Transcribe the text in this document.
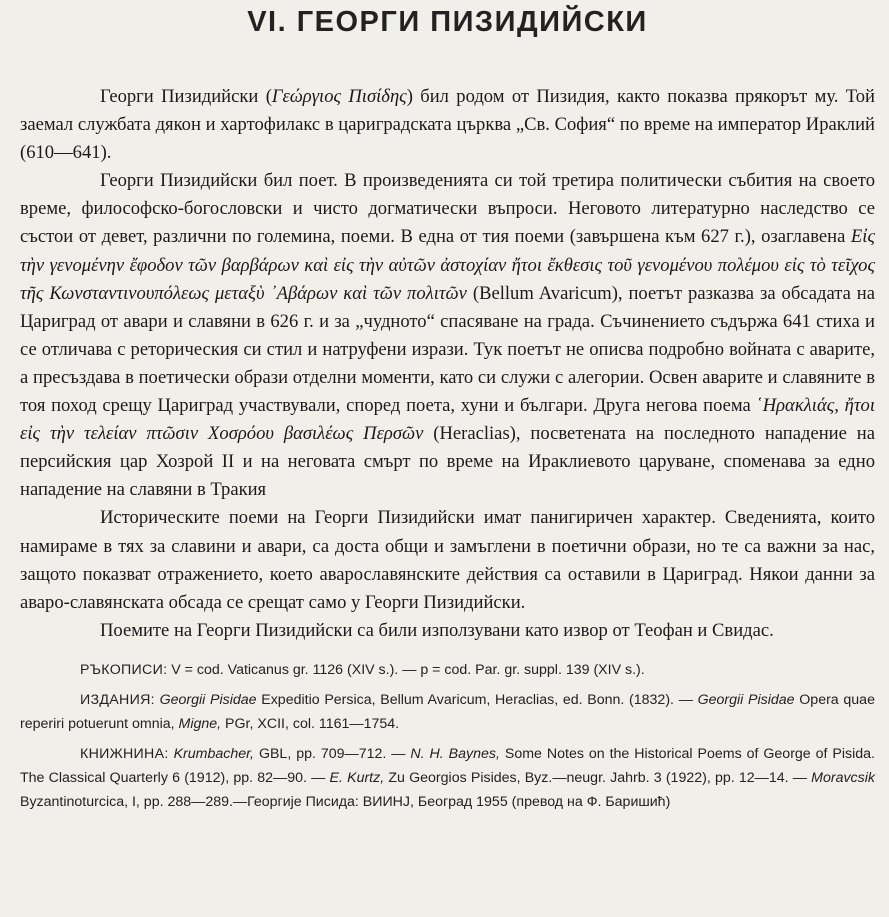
VI. ГЕОРГИ ПИЗИДИЙСКИ

Георги Пизидийски (Γεώργιος Πισίδης) бил родом от Пизидия, както показва прякорът му. Той заемал службата дякон и хартофилакс в цариградската църква „Св. София“ по време на император Ираклий (610—641).

Георги Пизидийски бил поет. В произведенията си той третира политически събития на своето време, философско-богословски и чисто догматически въпроси. Неговото литературно наследство се състои от девет, различни по големина, поеми. В една от тия поеми (завършена към 627 г.), озаглавена Εἰς τὴν γενομένην ἔφοδον τῶν βαρβάρων καὶ εἰς τὴν αὐτῶν ἀστοχίαν ἤτοι ἔκθεσις τοῦ γενομένου πολέμου εἰς τὸ τεῖχος τῆς Κωνσταντινουπόλεως μεταξὺ ᾿Αβάρων καὶ τῶν πολιτῶν (Bellum Avaricum), поетът разказва за обсадата на Цариград от авари и славяни в 626 г. и за „чудното“ спасяване на града. Съчинението съдържа 641 стиха и се отличава с реторическия си стил и натруфени изрази. Тук поетът не описва подробно войната с аварите, а пресъздава в поетически образи отделни моменти, като си служи с алегории. Освен аварите и славяните в тоя поход срещу Цариград участвували, според поета, хуни и българи. Друга негова поема ῾Ηρακλιάς, ἤτοι εἰς τὴν τελείαν πτῶσιν Χοσρόου βασιλέως Περσῶν (Heraclias), посветената на последното нападение на персийския цар Хозрой II и на неговата смърт по време на Ираклиевото царуване, споменава за едно нападение на славяни в Тракия

Историческите поеми на Георги Пизидийски имат панигиричен характер. Сведенията, които намираме в тях за славини и авари, са доста общи и замъглени в поетични образи, но те са важни за нас, защото показват отражението, което аварославянските действия са оставили в Цариград. Някои данни за аваро-славянската обсада се срещат само у Георги Пизидийски.

Поемите на Георги Пизидийски са били използувани като извор от Теофан и Свидас.

РЪКОПИСИ: V = cod. Vaticanus gr. 1126 (XIV s.). — p = cod. Par. gr. suppl. 139 (XIV s.).

ИЗДАНИЯ: Georgii Pisidae Expeditio Persica, Bellum Avaricum, Heraclias, ed. Bonn. (1832). — Georgii Pisidae Opera quae reperiri potuerunt omnia, Migne, PGr, XCII, col. 1161—1754.

КНИЖНИНА: Krumbacher, GBL, pp. 709—712. — N. H. Baynes, Some Notes on the Historical Poems of George of Pisida. The Classical Quarterly 6 (1912), pp. 82—90. — E. Kurtz, Zu Georgios Pisides, Byz.—neugr. Jahrb. 3 (1922), pp. 12—14. — Moravcsik Byzantinoturcica, I, pp. 288—289.—Георгије Писида: ВИИНЈ, Београд 1955 (превод на Ф. Баришић)
